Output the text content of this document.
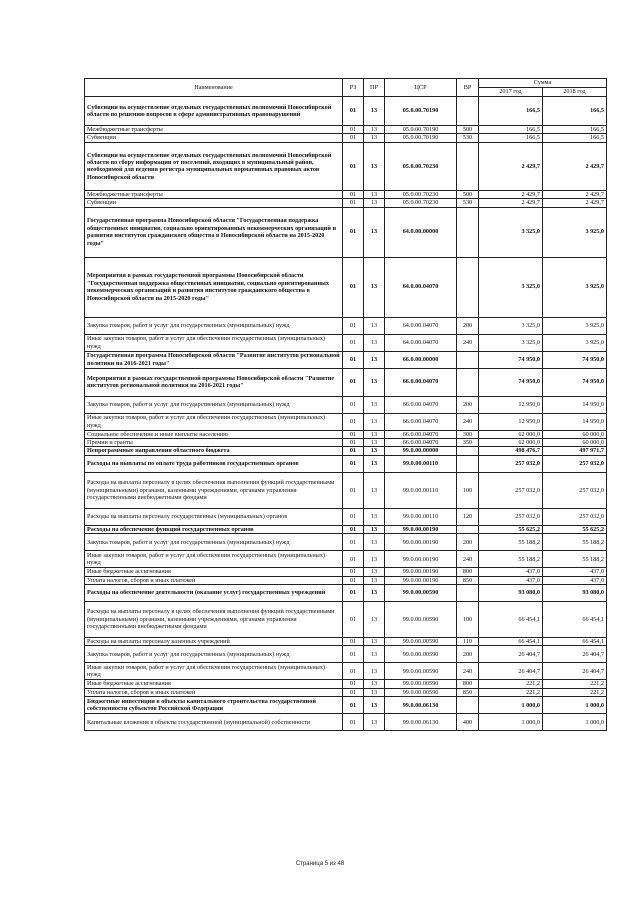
Наименование	РЗ	ПР	ЦСР	ВР	Сумма	
					2017 год	2018 год
Субвенции на осуществление отдельных государственных полномочий Новосибирской области по решению вопросов в сфере административных правонарушений	01	13	05.0.00.70190		166,5	166,5
Межбюджетные трансферты	01	13	05.0.00.70190	500	166,5	166,5
Субвенции	01	13	05.0.00.70190	530	166,5	166,5
Субвенции на осуществление отдельных государственных полномочий Новосибирской области по сбору информации от поселений, входящих в муниципальный район, необходимой для ведения регистра муниципальных нормативных правовых актов Новосибирской области	01	13	05.0.00.70230		2 429,7	2 429,7
Межбюджетные трансферты	01	13	05.0.00.70230	500	2 429,7	2 429,7
Субвенции	01	13	05.0.00.70230	530	2 429,7	2 429,7
Государственная программа Новосибирской области "Государственная поддержка общественных инициатив, социально ориентированных некоммерческих организаций и развития институтов гражданского общества в Новосибирской области на 2015-2020 годы"	01	13	64.0.00.00000		3 325,0	3 925,0
Мероприятия в рамках государственной программы Новосибирской области "Государственная поддержка общественных инициатив, социально ориентированных некоммерческих организаций и развития институтов гражданского общества в Новосибирской области на 2015-2020 годы"	01	13	64.0.00.04070		3 325,0	3 925,0
Закупка товаров, работ и услуг для государственных (муниципальных) нужд	01	13	64.0.00.04070	200	3 325,0	3 925,0
Иные закупки товаров, работ и услуг для обеспечения государственных (муниципальных) нужд	01	13	64.0.00.04070	240	3 325,0	3 925,0
Государственная программа Новосибирской области "Развитие институтов региональной политики на 2016-2021 годы"	01	13	66.0.00.00000		74 950,0	74 950,0
Мероприятия в рамках государственной программы Новосибирской области "Развитие институтов региональной политики на 2016-2021 годы"	01	13	66.0.00.04070		74 950,0	74 950,0
Закупка товаров, работ и услуг для государственных (муниципальных) нужд	01	13	66.0.00.04070	200	12 950,0	14 950,0
Иные закупки товаров, работ и услуг для обеспечения государственных (муниципальных) нужд	01	13	66.0.00.04070	240	12 950,0	14 950,0
Социальное обеспечение и иные выплаты населению	01	13	66.0.00.04070	300	62 000,0	60 000,0
Премии и гранты	01	13	66.0.00.04070	350	62 000,0	60 000,0
Непрограммные направления областного бюджета	01	13	99.0.00.00000		498 476,7	497 971,7
Расходы на выплаты по оплате труда работников государственных органов	01	13	99.0.00.00110		257 032,0	257 032,0
Расходы на выплаты персоналу в целях обеспечения выполнения функций государственными (муниципальными) органами, казенными учреждениями, органами управления государственными внебюджетными фондами	01	13	99.0.00.00110	100	257 032,0	257 032,0
Расходы на выплаты персоналу государственных (муниципальных) органов	01	13	99.0.00.00110	120	257 032,0	257 032,0
Расходы на обеспечение функций государственных органов	01	13	99.0.00.00190		55 625,2	55 625,2
Закупка товаров, работ и услуг для государственных (муниципальных) нужд	01	13	99.0.00.00190	200	55 188,2	55 188,2
Иные закупки товаров, работ и услуг для обеспечения государственных (муниципальных) нужд	01	13	99.0.00.00190	240	55 188,2	55 188,2
Иные бюджетные ассигнования	01	13	99.0.00.00190	800	437,0	437,0
Уплата налогов, сборов и иных платежей	01	13	99.0.00.00190	850	437,0	437,0
Расходы на обеспечение деятельности (оказание услуг) государственных учреждений	01	13	99.0.00.00590		93 080,0	93 080,0
Расходы на выплаты персоналу в целях обеспечения выполнения функций государственными (муниципальными) органами, казенными учреждениями, органами управления государственными внебюджетными фондами	01	13	99.0.00.00590	100	66 454,1	66 454,1
Расходы на выплаты персоналу казенных учреждений	01	13	99.0.00.00590	110	66 454,1	66 454,1
Закупка товаров, работ и услуг для государственных (муниципальных) нужд	01	13	99.0.00.00590	200	26 404,7	26 404,7
Иные закупки товаров, работ и услуг для обеспечения государственных (муниципальных) нужд	01	13	99.0.00.00590	240	26 404,7	26 404,7
Иные бюджетные ассигнования	01	13	99.0.00.00590	800	221,2	221,2
Уплата налогов, сборов и иных платежей	01	13	99.0.00.00590	850	221,2	221,2
Бюджетные инвестиции в объекты капитального строительства государственной собственности субъектов Российской Федерации	01	13	99.0.00.06130		1 000,0	1 000,0
Капитальные вложения в объекты государственной (муниципальной) собственности	01	13	99.0.00.06130	400	1 000,0	1 000,0
Страница 5 из 48
